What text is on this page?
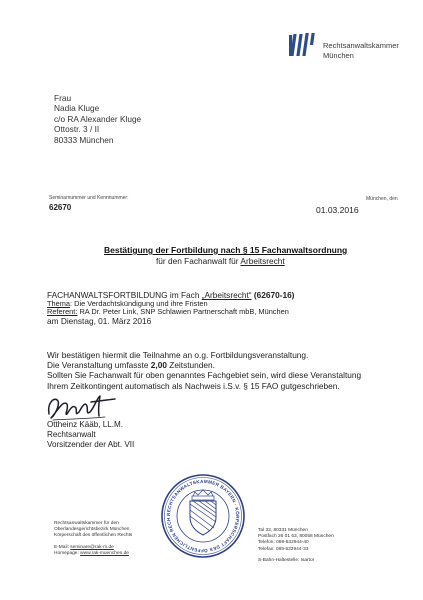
Rechtsanwaltskammer
München
Frau
Nadia Kluge
c/o RA Alexander Kluge
Ottostr. 3 / II
80333 München
Seminarnummer und Kennnummer:
62670
München, den
01.03.2016
Bestätigung der Fortbildung nach § 15 Fachanwaltsordnung
für den Fachanwalt für Arbeitsrecht
FACHANWALTSFORTBILDUNG im Fach „Arbeitsrecht“ (62670-16)
Thema: Die Verdachtskündigung und ihre Fristen
Referent: RA Dr. Peter Link, SNP Schlawien Partnerschaft mbB, München
am Dienstag, 01. März 2016
Wir bestätigen hiermit die Teilnahme an o.g. Fortbildungsveranstaltung.
Die Veranstaltung umfasste 2,00 Zeitstunden.
Sollten Sie Fachanwalt für oben genanntes Fachgebiet sein, wird diese Veranstaltung
Ihrem Zeitkontingent automatisch als Nachweis i.S.v. § 15 FAO gutgeschrieben.
Ottheinz Kääb, LL.M.
Rechtsanwalt
Vorsitzender der Abt. VII
RECHTSANWALTSKAMMER BAYERN · KÖRPERSCHAFT DES ÖFFENTLICHEN RECH
Rechtsanwaltskammer für den
Oberlandesgerichtsbezirk München
Körperschaft des öffentlichen Rechts
E-Mail: seminare@rak-m.de
Homepage: www.rak-muenchen.de
Tal 33, 80331 München
Postfach 26 01 63, 80058 München
Telefon: 089-532944-40
Telefax: 089-532944-33
S-Bahn-Haltestelle: Isartor
